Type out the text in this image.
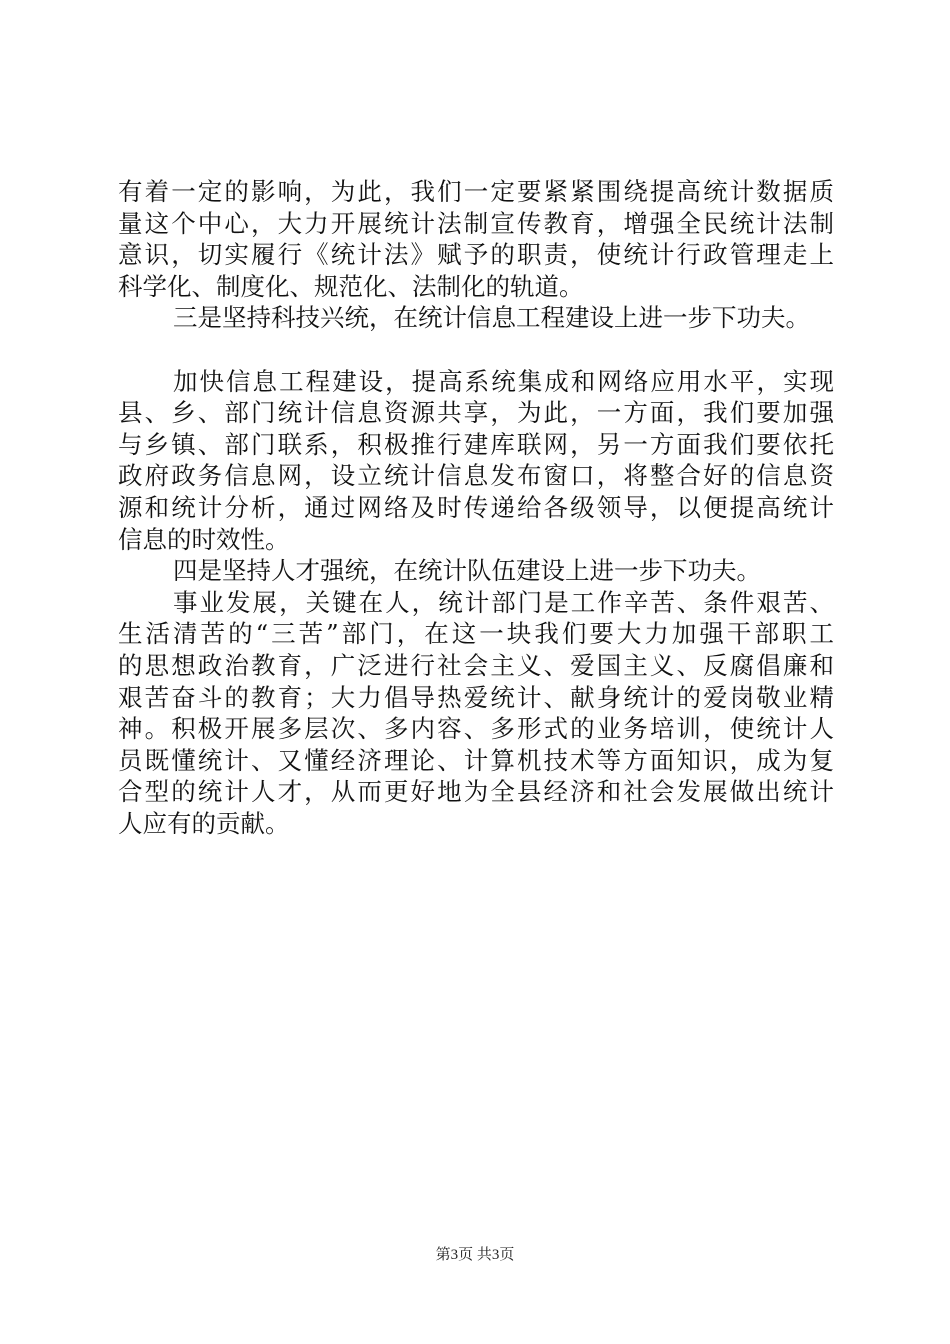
有着一定的影响，为此，我们一定要紧紧围绕提高统计数据质
量这个中心，大力开展统计法制宣传教育，增强全民统计法制
意识，切实履行《统计法》赋予的职责，使统计行政管理走上
科学化、制度化、规范化、法制化的轨道。
三是坚持科技兴统，在统计信息工程建设上进一步下功夫。
加快信息工程建设，提高系统集成和网络应用水平，实现
县、乡、部门统计信息资源共享，为此，一方面，我们要加强
与乡镇、部门联系，积极推行建库联网，另一方面我们要依托
政府政务信息网，设立统计信息发布窗口，将整合好的信息资
源和统计分析，通过网络及时传递给各级领导，以便提高统计
信息的时效性。
四是坚持人才强统，在统计队伍建设上进一步下功夫。
事业发展，关键在人，统计部门是工作辛苦、条件艰苦、
生活清苦的“三苦”部门，在这一块我们要大力加强干部职工
的思想政治教育，广泛进行社会主义、爱国主义、反腐倡廉和
艰苦奋斗的教育；大力倡导热爱统计、献身统计的爱岗敬业精
神。积极开展多层次、多内容、多形式的业务培训，使统计人
员既懂统计、又懂经济理论、计算机技术等方面知识，成为复
合型的统计人才，从而更好地为全县经济和社会发展做出统计
人应有的贡献。
第3页 共3页
